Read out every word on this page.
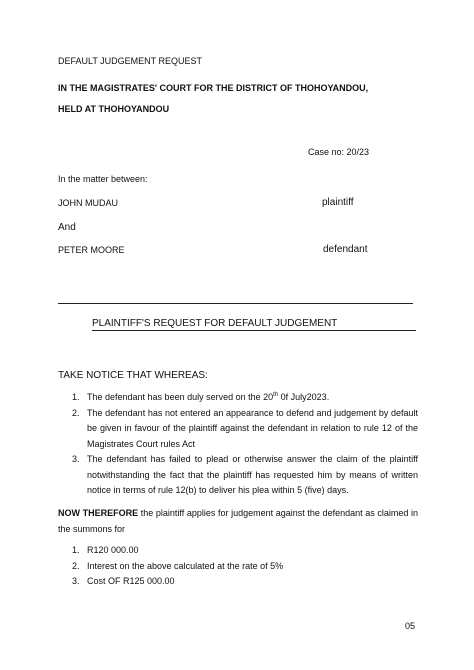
DEFAULT JUDGEMENT REQUEST
IN THE MAGISTRATES' COURT FOR THE DISTRICT OF THOHOYANDOU,
HELD AT THOHOYANDOU
Case no: 20/23
In the matter between:
JOHN MUDAU	plaintiff
And
PETER MOORE	defendant
PLAINTIFF'S REQUEST FOR DEFAULT JUDGEMENT
TAKE NOTICE THAT WHEREAS:
1. The defendant has been duly served on the 20th 0f July2023.
2. The defendant has not entered an appearance to defend and judgement by default be given in favour of the plaintiff against the defendant in relation to rule 12 of the Magistrates Court rules Act
3. The defendant has failed to plead or otherwise answer the claim of the plaintiff notwithstanding the fact that the plaintiff has requested him by means of written notice in terms of rule 12(b) to deliver his plea within 5 (five) days.
NOW THEREFORE the plaintiff applies for judgement against the defendant as claimed in the summons for
1. R120 000.00
2. Interest on the above calculated at the rate of 5%
3. Cost OF R125 000.00
05
